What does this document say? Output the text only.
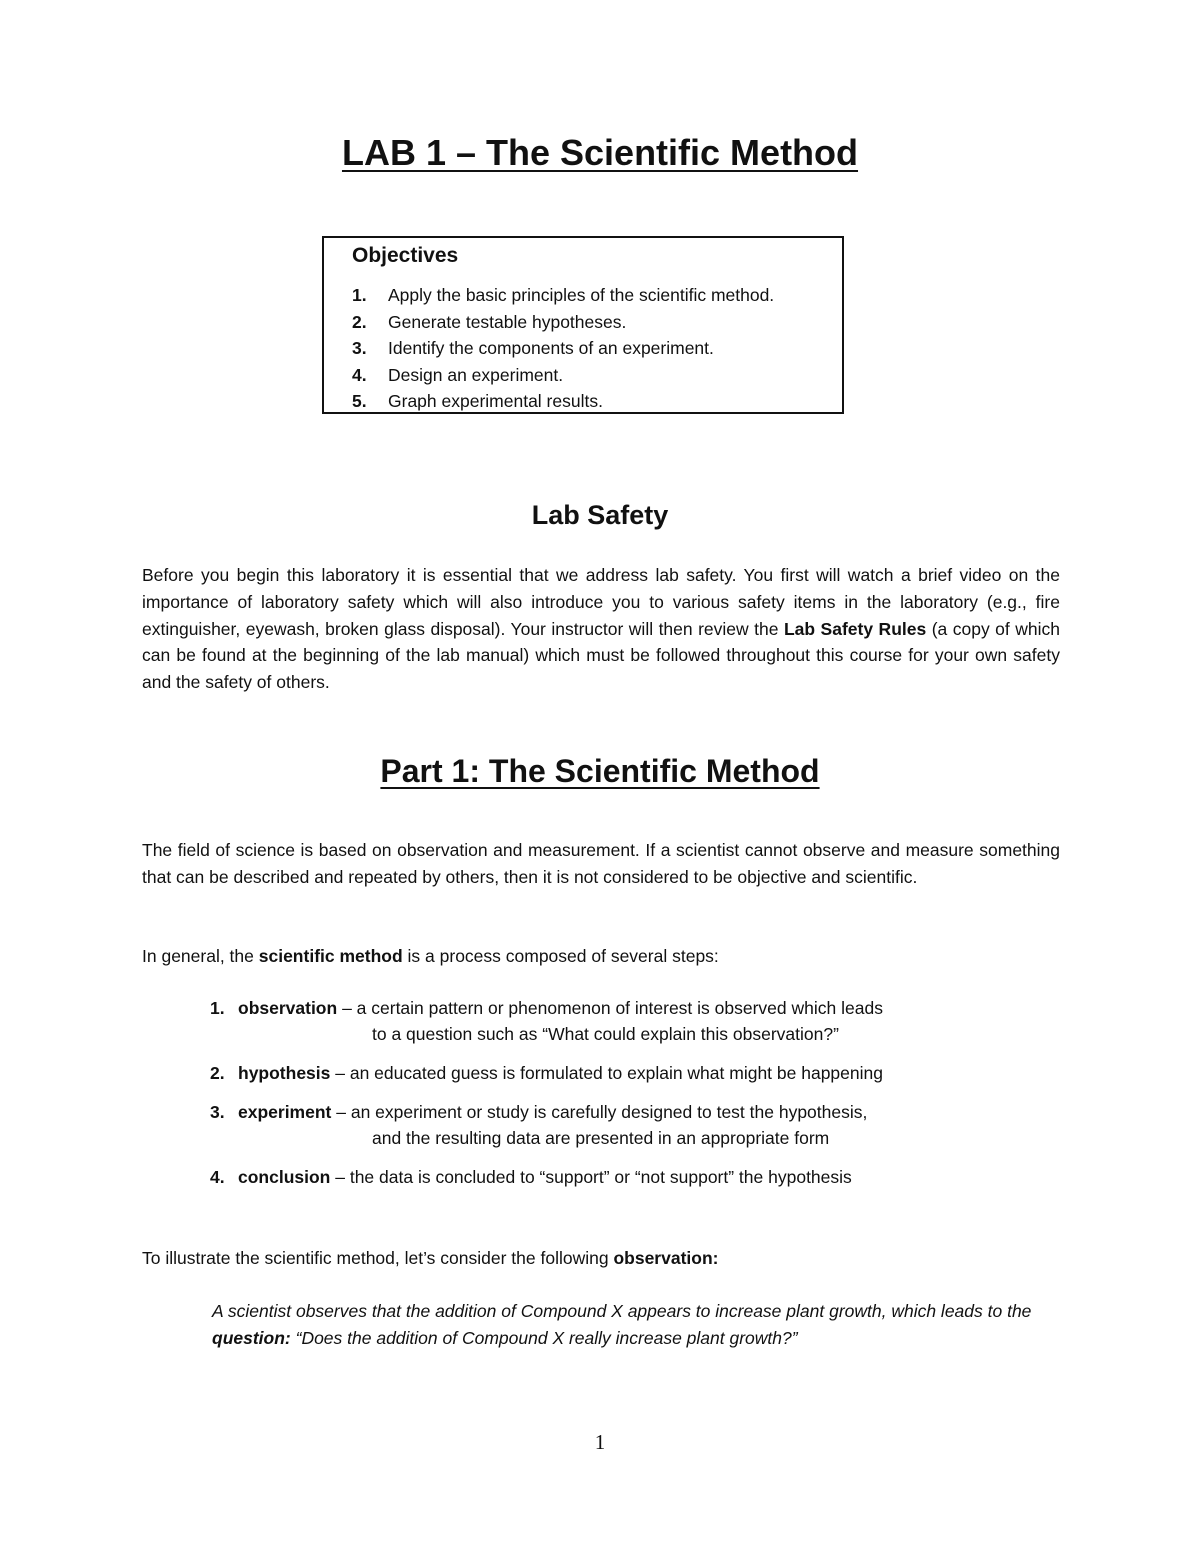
LAB 1 – The Scientific Method

Objectives

1.	Apply the basic principles of the scientific method.
2.	Generate testable hypotheses.
3.	Identify the components of an experiment.
4.	Design an experiment.
5.	Graph experimental results.
Lab Safety

Before you begin this laboratory it is essential that we address lab safety. You first will watch a brief video on the importance of laboratory safety which will also introduce you to various safety items in the laboratory (e.g., fire extinguisher, eyewash, broken glass disposal). Your instructor will then review the Lab Safety Rules (a copy of which can be found at the beginning of the lab manual) which must be followed throughout this course for your own safety and the safety of others.

Part 1: The Scientific Method

The field of science is based on observation and measurement. If a scientist cannot observe and measure something that can be described and repeated by others, then it is not considered to be objective and scientific.

In general, the scientific method is a process composed of several steps:

1. observation – a certain pattern or phenomenon of interest is observed which leads
to a question such as “What could explain this observation?”
2. hypothesis – an educated guess is formulated to explain what might be happening
3. experiment – an experiment or study is carefully designed to test the hypothesis,
and the resulting data are presented in an appropriate form
4. conclusion – the data is concluded to “support” or “not support” the hypothesis

To illustrate the scientific method, let’s consider the following observation:

A scientist observes that the addition of Compound X appears to increase plant growth, which leads to the question: “Does the addition of Compound X really increase plant growth?”

1
